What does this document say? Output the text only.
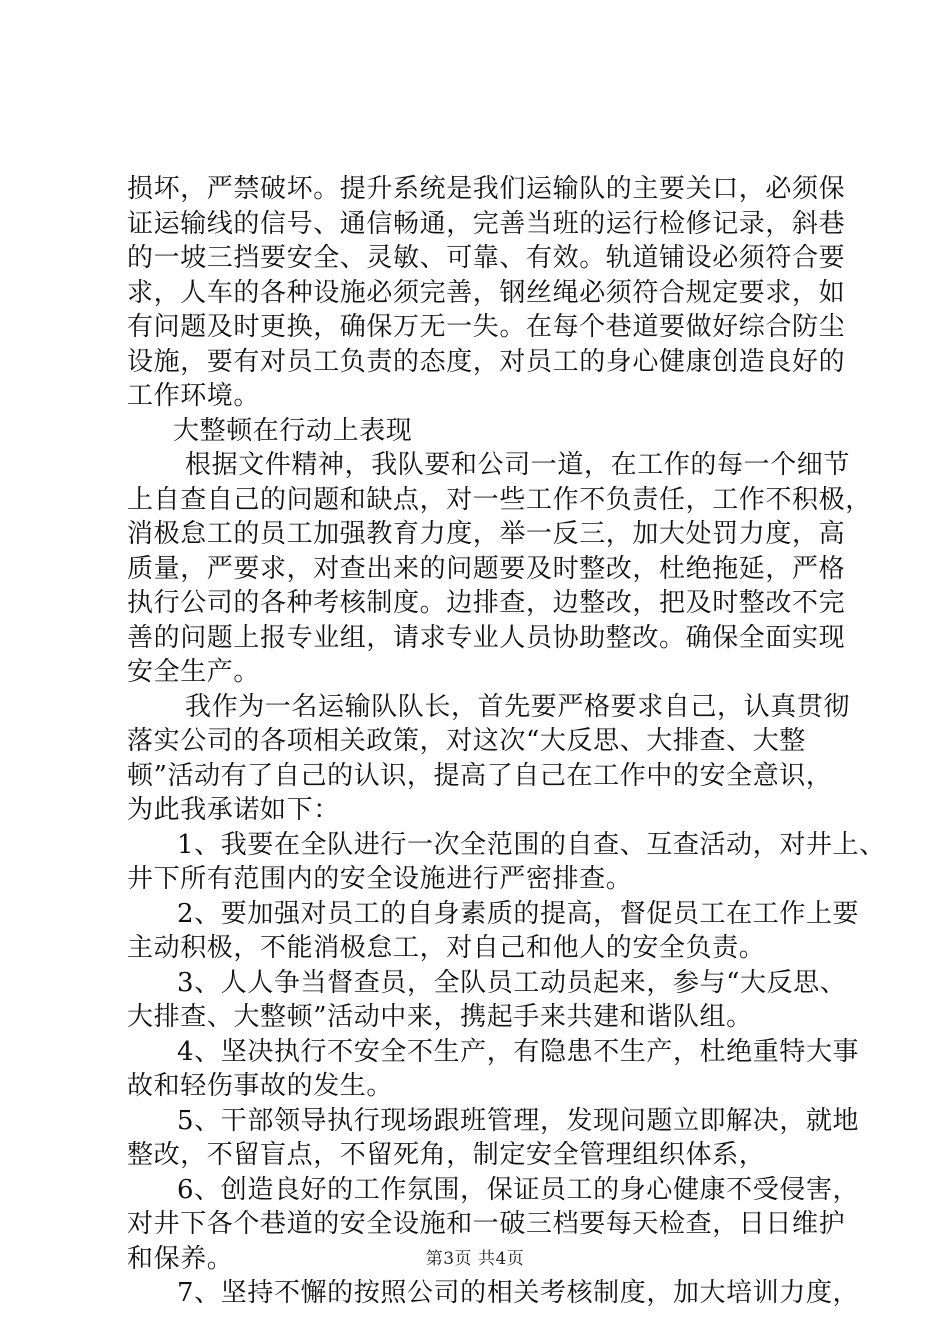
损坏，严禁破坏。提升系统是我们运输队的主要关口，必须保
证运输线的信号、通信畅通，完善当班的运行检修记录，斜巷
的一坡三挡要安全、灵敏、可靠、有效。轨道铺设必须符合要
求，人车的各种设施必须完善，钢丝绳必须符合规定要求，如
有问题及时更换，确保万无一失。在每个巷道要做好综合防尘
设施，要有对员工负责的态度，对员工的身心健康创造良好的
工作环境。
大整顿在行动上表现
根据文件精神，我队要和公司一道，在工作的每一个细节
上自查自己的问题和缺点，对一些工作不负责任，工作不积极，
消极怠工的员工加强教育力度，举一反三，加大处罚力度，高
质量，严要求，对查出来的问题要及时整改，杜绝拖延，严格
执行公司的各种考核制度。边排查，边整改，把及时整改不完
善的问题上报专业组，请求专业人员协助整改。确保全面实现
安全生产。
我作为一名运输队队长，首先要严格要求自己，认真贯彻
落实公司的各项相关政策，对这次“大反思、大排查、大整
顿”活动有了自己的认识，提高了自己在工作中的安全意识，
为此我承诺如下：
1、我要在全队进行一次全范围的自查、互查活动，对井上、
井下所有范围内的安全设施进行严密排查。
2、要加强对员工的自身素质的提高，督促员工在工作上要
主动积极，不能消极怠工，对自己和他人的安全负责。
3、人人争当督查员，全队员工动员起来，参与“大反思、
大排查、大整顿”活动中来，携起手来共建和谐队组。
4、坚决执行不安全不生产，有隐患不生产，杜绝重特大事
故和轻伤事故的发生。
5、干部领导执行现场跟班管理，发现问题立即解决，就地
整改，不留盲点，不留死角，制定安全管理组织体系，
6、创造良好的工作氛围，保证员工的身心健康不受侵害，
对井下各个巷道的安全设施和一破三档要每天检查，日日维护
和保养。
7、坚持不懈的按照公司的相关考核制度，加大培训力度，
第3页 共4页
